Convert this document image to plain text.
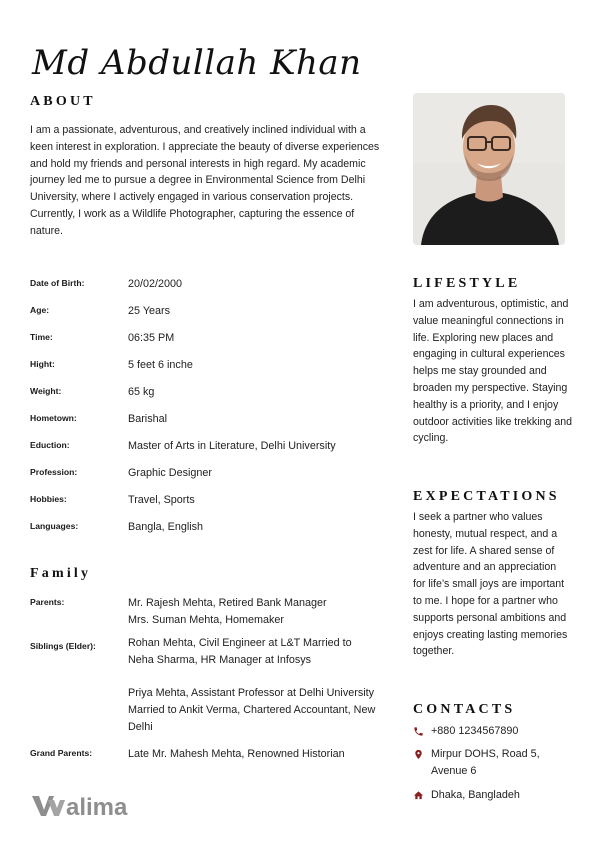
Md Abdullah Khan
ABOUT
I am a passionate, adventurous, and creatively inclined individual with a keen interest in exploration. I appreciate the beauty of diverse experiences and hold my friends and personal interests in high regard. My academic journey led me to pursue a degree in Environmental Science from Delhi University, where I actively engaged in various conservation projects. Currently, I work as a Wildlife Photographer, capturing the essence of nature.
Date of Birth:	20/02/2000
Age:	25 Years
Time:	06:35 PM
Hight:	5 feet 6 inche
Weight:	65 kg
Hometown:	Barishal
Eduction:	Master of Arts in Literature, Delhi University
Profession:	Graphic Designer
Hobbies:	Travel, Sports
Languages:	Bangla, English
Family
Parents:	Mr. Rajesh Mehta, Retired Bank Manager
Mrs. Suman Mehta, Homemaker
Siblings (Elder):	Rohan Mehta, Civil Engineer at L&T Married to Neha Sharma, HR Manager at Infosys
Priya Mehta, Assistant Professor at Delhi University Married to Ankit Verma, Chartered Accountant, New Delhi
Grand Parents:	Late Mr. Mahesh Mehta, Renowned Historian
LIFESTYLE
I am adventurous, optimistic, and value meaningful connections in life. Exploring new places and engaging in cultural experiences helps me stay grounded and broaden my perspective. Staying healthy is a priority, and I enjoy outdoor activities like trekking and cycling.
EXPECTATIONS
I seek a partner who values honesty, mutual respect, and a zest for life. A shared sense of adventure and an appreciation for life’s small joys are important to me. I hope for a partner who supports personal ambitions and enjoys creating lasting memories together.
CONTACTS
+880 1234567890
Mirpur DOHS, Road 5, Avenue 6
Dhaka, Bangladeh
alima
